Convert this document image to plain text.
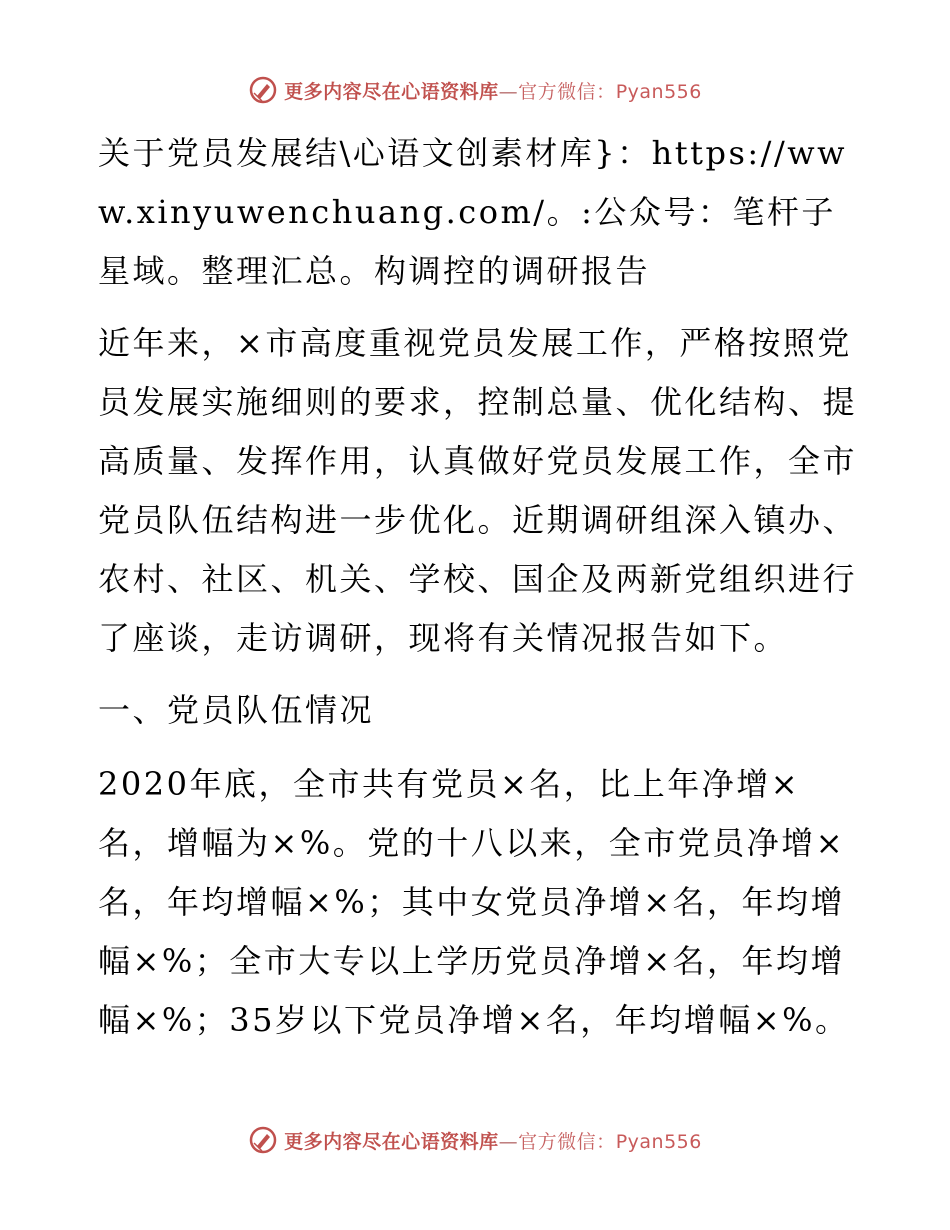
更多内容尽在心语资料库—官方微信：Pyan556

关于党员发展结\心语文创素材库}：https://www.xinyuwenchuang.com/。:公众号：笔杆子星域。整理汇总。构调控的调研报告

近年来，×市高度重视党员发展工作，严格按照党员发展实施细则的要求，控制总量、优化结构、提高质量、发挥作用，认真做好党员发展工作，全市党员队伍结构进一步优化。近期调研组深入镇办、农村、社区、机关、学校、国企及两新党组织进行了座谈，走访调研，现将有关情况报告如下。

一、党员队伍情况

2020年底，全市共有党员×名，比上年净增×名，增幅为×%。党的十八以来，全市党员净增×名，年均增幅×%；其中女党员净增×名，年均增幅×%；全市大专以上学历党员净增×名，年均增幅×%；35岁以下党员净增×名，年均增幅×%。

更多内容尽在心语资料库—官方微信：Pyan556
